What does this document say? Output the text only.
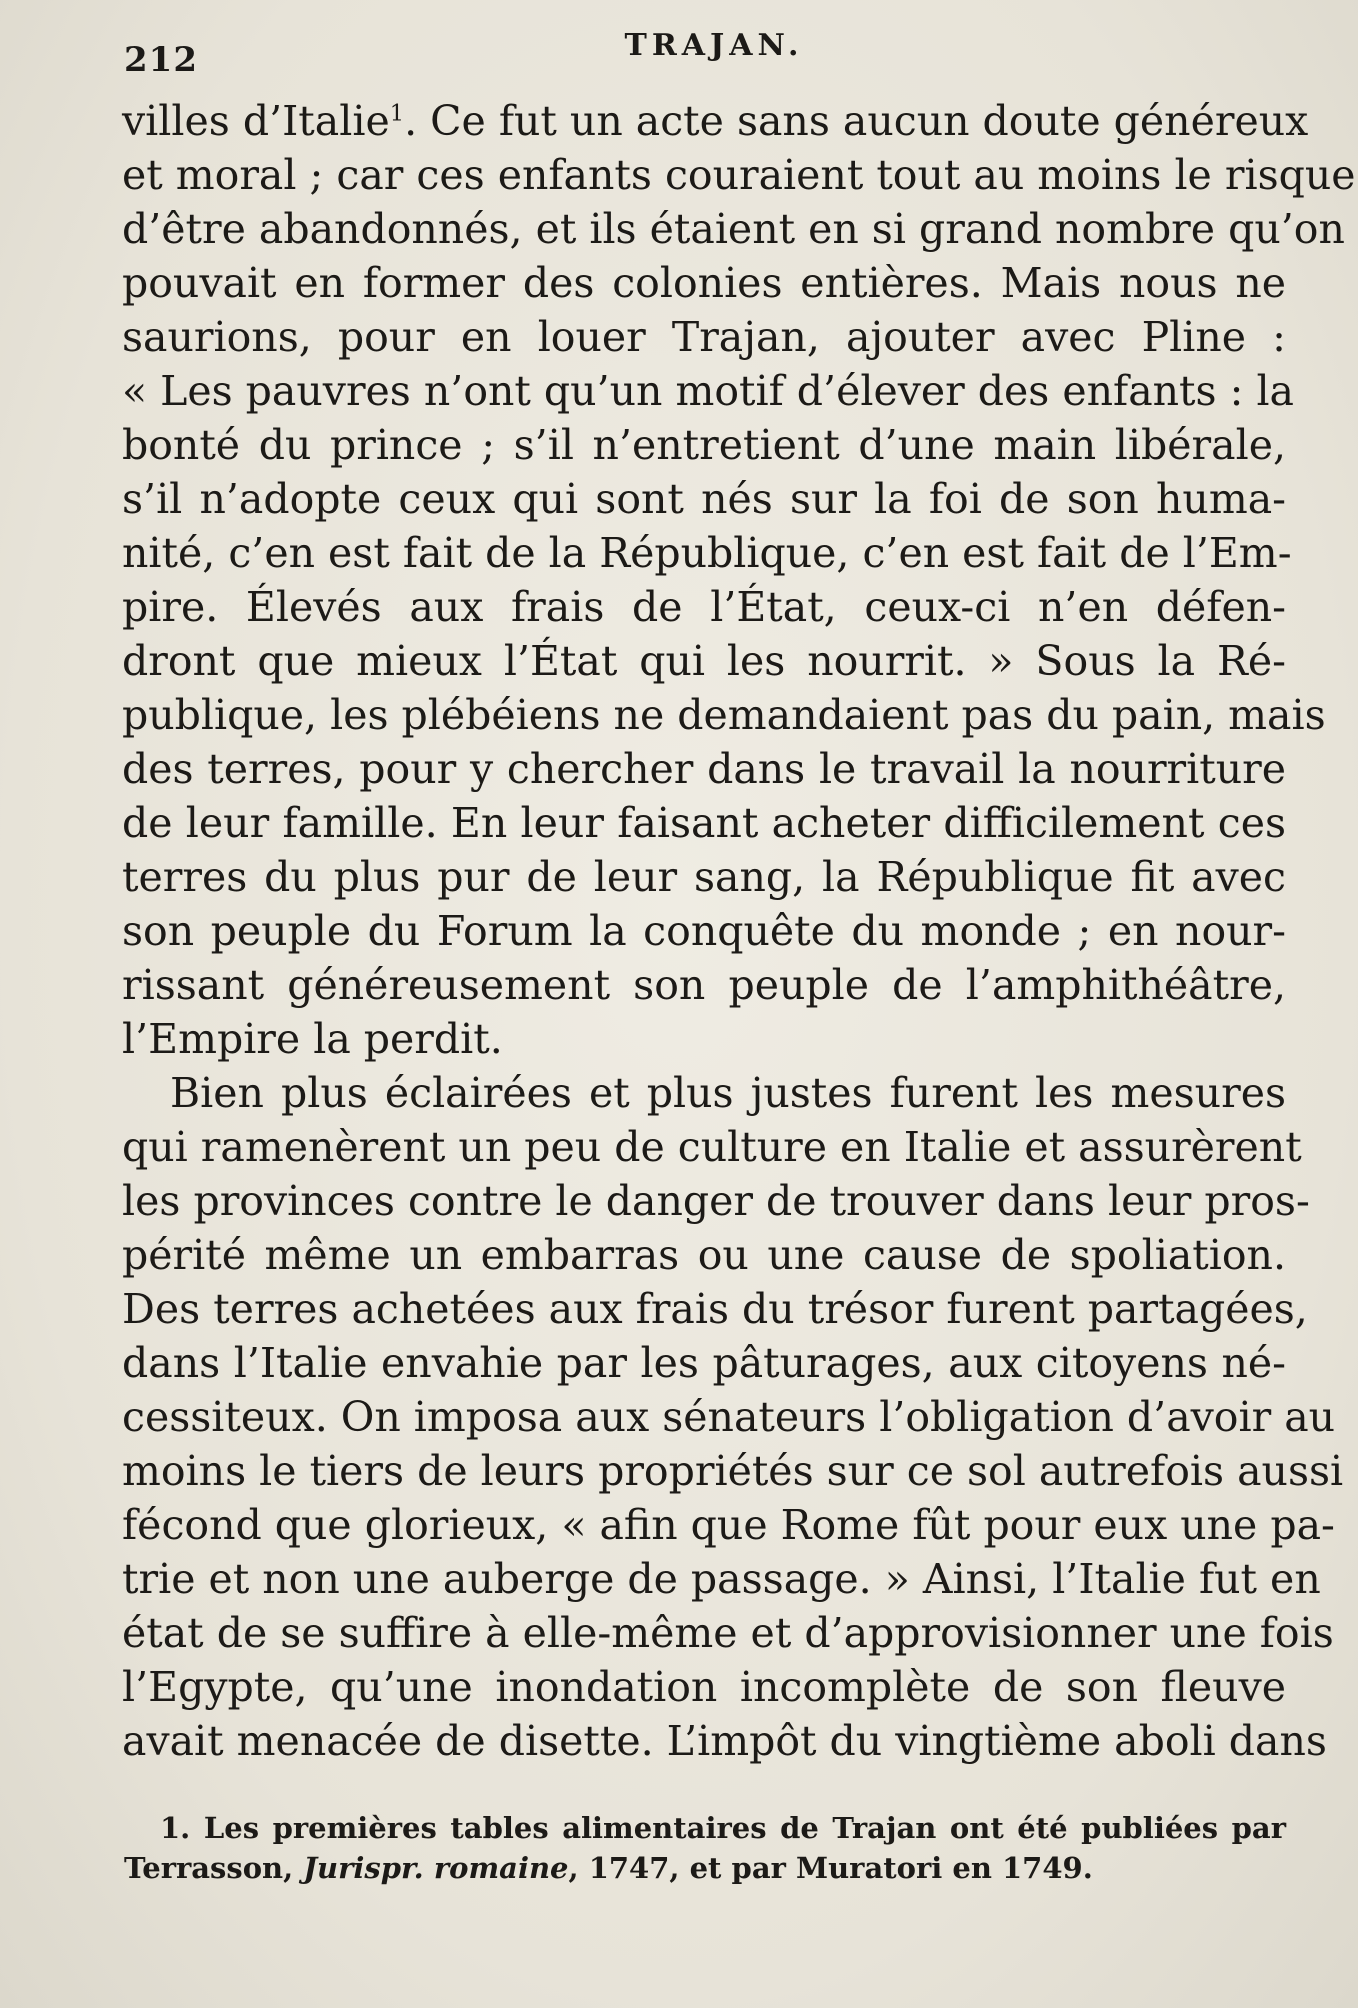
212	TRAJAN.

villes d’Italie$^1$. Ce fut un acte sans aucun doute généreux
et moral ; car ces enfants couraient tout au moins le risque
d’être abandonnés, et ils étaient en si grand nombre qu’on
pouvait en former des colonies entières. Mais nous ne
saurions, pour en louer Trajan, ajouter avec Pline :
« Les pauvres n’ont qu’un motif d’élever des enfants : la
bonté du prince ; s’il n’entretient d’une main libérale,
s’il n’adopte ceux qui sont nés sur la foi de son huma-
nité, c’en est fait de la République, c’en est fait de l’Em-
pire. Élevés aux frais de l’État, ceux-ci n’en défen-
dront que mieux l’État qui les nourrit. » Sous la Ré-
publique, les plébéiens ne demandaient pas du pain, mais
des terres, pour y chercher dans le travail la nourriture
de leur famille. En leur faisant acheter difficilement ces
terres du plus pur de leur sang, la République fit avec
son peuple du Forum la conquête du monde ; en nour-
rissant généreusement son peuple de l’amphithéâtre,
l’Empire la perdit.

Bien plus éclairées et plus justes furent les mesures
qui ramenèrent un peu de culture en Italie et assurèrent
les provinces contre le danger de trouver dans leur pros-
périté même un embarras ou une cause de spoliation.
Des terres achetées aux frais du trésor furent partagées,
dans l’Italie envahie par les pâturages, aux citoyens né-
cessiteux. On imposa aux sénateurs l’obligation d’avoir au
moins le tiers de leurs propriétés sur ce sol autrefois aussi
fécond que glorieux, « afin que Rome fût pour eux une pa-
trie et non une auberge de passage. » Ainsi, l’Italie fut en
état de se suffire à elle-même et d’approvisionner une fois
l’Egypte, qu’une inondation incomplète de son fleuve
avait menacée de disette. L’impôt du vingtième aboli dans

1. Les premières tables alimentaires de Trajan ont été publiées par
Terrasson, Jurispr. romaine, 1747, et par Muratori en 1749.
